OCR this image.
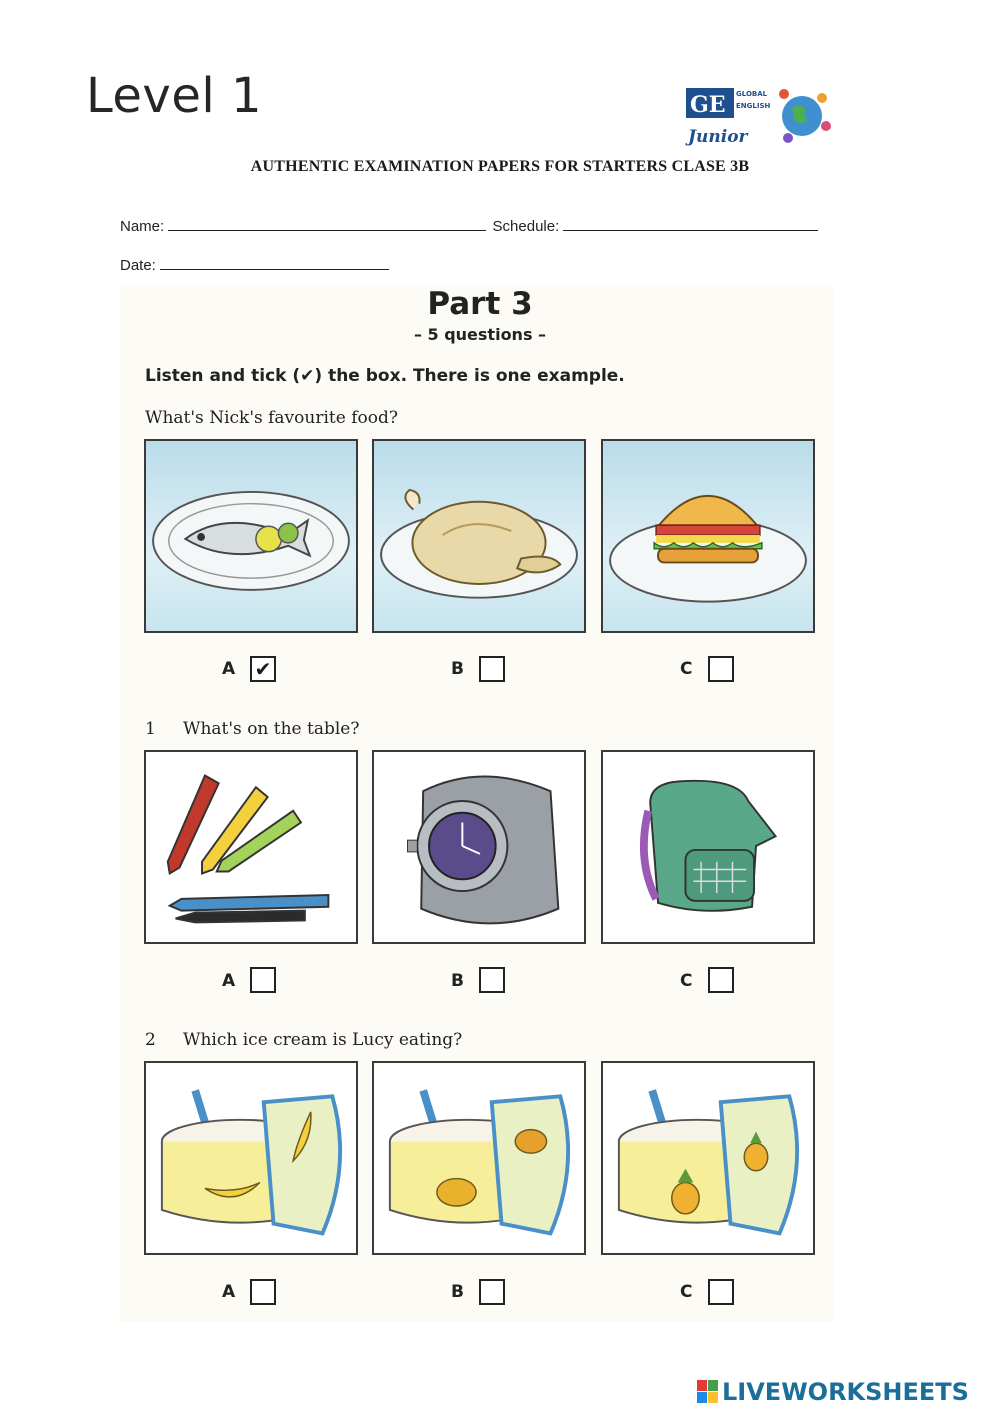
Level 1	GE GLOBAL
ENGLISH
Junior
AUTHENTIC EXAMINATION PAPERS FOR STARTERS CLASE 3B
Name:	Schedule:
Date:
Part 3
– 5 questions –
Listen and tick (✔) the box. There is one example.
What's Nick's favourite food?
A ✔	B	C
1 What's on the table?
A	B	C
2 Which ice cream is Lucy eating?
A	B	C
LIVEWORKSHEETS
